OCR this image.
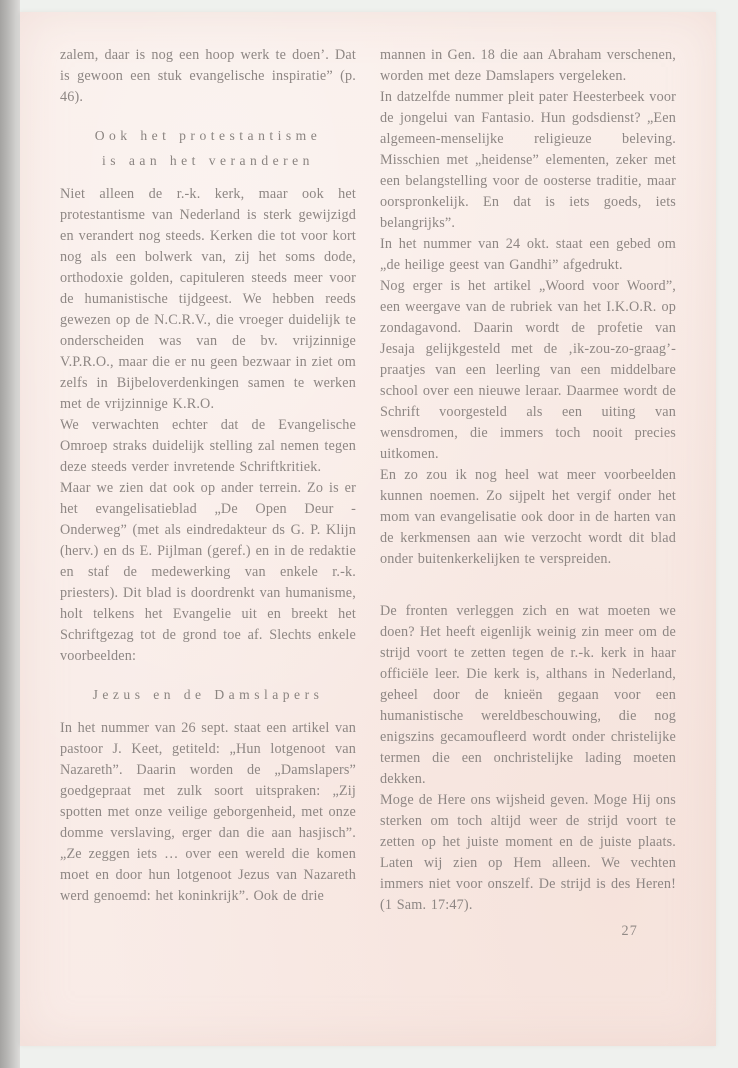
zalem, daar is nog een hoop werk te doen’. Dat is gewoon een stuk evangelische inspiratie” (p. 46).

Ook het protestantisme
is aan het veranderen

Niet alleen de r.-k. kerk, maar ook het protestantisme van Nederland is sterk gewijzigd en verandert nog steeds. Kerken die tot voor kort nog als een bolwerk van, zij het soms dode, orthodoxie golden, capituleren steeds meer voor de humanistische tijdgeest. We hebben reeds gewezen op de N.C.R.V., die vroeger duidelijk te onderscheiden was van de bv. vrijzinnige V.P.R.O., maar die er nu geen bezwaar in ziet om zelfs in Bijbeloverdenkingen samen te werken met de vrijzinnige K.R.O.

We verwachten echter dat de Evangelische Omroep straks duidelijk stelling zal nemen tegen deze steeds verder invretende Schriftkritiek.

Maar we zien dat ook op ander terrein. Zo is er het evangelisatieblad „De Open Deur - Onderweg” (met als eindredakteur ds G. P. Klijn (herv.) en ds E. Pijlman (geref.) en in de redaktie en staf de medewerking van enkele r.-k. priesters). Dit blad is doordrenkt van humanisme, holt telkens het Evangelie uit en breekt het Schriftgezag tot de grond toe af. Slechts enkele voorbeelden:

Jezus en de Damslapers

In het nummer van 26 sept. staat een artikel van pastoor J. Keet, getiteld: „Hun lotgenoot van Nazareth”. Daarin worden de „Damslapers” goedgepraat met zulk soort uitspraken: „Zij spotten met onze veilige geborgenheid, met onze domme verslaving, erger dan die aan hasjisch”. „Ze zeggen iets … over een wereld die komen moet en door hun lotgenoot Jezus van Nazareth werd genoemd: het koninkrijk”. Ook de drie

mannen in Gen. 18 die aan Abraham verschenen, worden met deze Damslapers vergeleken.

In datzelfde nummer pleit pater Heesterbeek voor de jongelui van Fantasio. Hun godsdienst? „Een algemeen-menselijke religieuze beleving. Misschien met „heidense” elementen, zeker met een belangstelling voor de oosterse traditie, maar oorspronkelijk. En dat is iets goeds, iets belangrijks”.

In het nummer van 24 okt. staat een gebed om „de heilige geest van Gandhi” afgedrukt.

Nog erger is het artikel „Woord voor Woord”, een weergave van de rubriek van het I.K.O.R. op zondagavond. Daarin wordt de profetie van Jesaja gelijkgesteld met de ‚ik-zou-zo-graag’-praatjes van een leerling van een middelbare school over een nieuwe leraar. Daarmee wordt de Schrift voorgesteld als een uiting van wensdromen, die immers toch nooit precies uitkomen.

En zo zou ik nog heel wat meer voorbeelden kunnen noemen. Zo sijpelt het vergif onder het mom van evangelisatie ook door in de harten van de kerkmensen aan wie verzocht wordt dit blad onder buitenkerkelijken te verspreiden.

De fronten verleggen zich en wat moeten we doen? Het heeft eigenlijk weinig zin meer om de strijd voort te zetten tegen de r.-k. kerk in haar officiële leer. Die kerk is, althans in Nederland, geheel door de knieën gegaan voor een humanistische wereldbeschouwing, die nog enigszins gecamoufleerd wordt onder christelijke termen die een onchristelijke lading moeten dekken.

Moge de Here ons wijsheid geven. Moge Hij ons sterken om toch altijd weer de strijd voort te zetten op het juiste moment en de juiste plaats. Laten wij zien op Hem alleen. We vechten immers niet voor onszelf. De strijd is des Heren! (1 Sam. 17:47).

27
